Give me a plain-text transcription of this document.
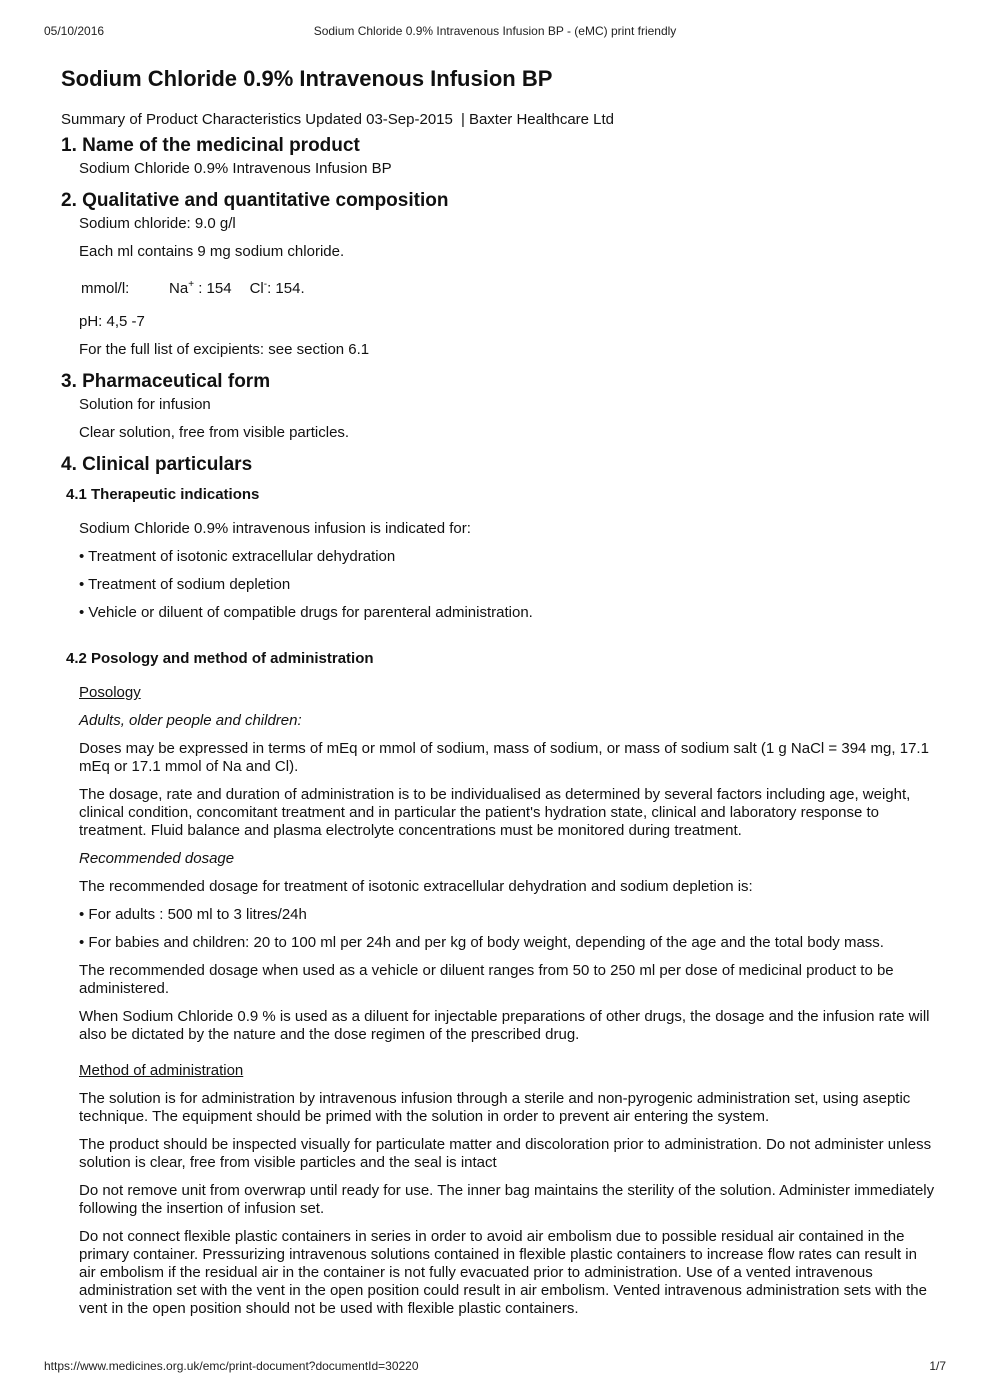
05/10/2016	Sodium Chloride 0.9% Intravenous Infusion BP - (eMC) print friendly
Sodium Chloride 0.9% Intravenous Infusion BP

Summary of Product Characteristics Updated 03-Sep-2015 | Baxter Healthcare Ltd

1. Name of the medicinal product

Sodium Chloride 0.9% Intravenous Infusion BP

2. Qualitative and quantitative composition

Sodium chloride: 9.0 g/l

Each ml contains 9 mg sodium chloride.

mmol/l:	Na+ : 154 Cl-: 154.

pH: 4,5 -7

For the full list of excipients: see section 6.1

3. Pharmaceutical form

Solution for infusion

Clear solution, free from visible particles.

4. Clinical particulars
4.1 Therapeutic indications

Sodium Chloride 0.9% intravenous infusion is indicated for:

• Treatment of isotonic extracellular dehydration

• Treatment of sodium depletion

• Vehicle or diluent of compatible drugs for parenteral administration.

4.2 Posology and method of administration

Posology

Adults, older people and children:

Doses may be expressed in terms of mEq or mmol of sodium, mass of sodium, or mass of sodium salt (1 g NaCl = 394 mg, 17.1 mEq or 17.1 mmol of Na and Cl).

The dosage, rate and duration of administration is to be individualised as determined by several factors including age, weight, clinical condition, concomitant treatment and in particular the patient's hydration state, clinical and laboratory response to treatment. Fluid balance and plasma electrolyte concentrations must be monitored during treatment.

Recommended dosage

The recommended dosage for treatment of isotonic extracellular dehydration and sodium depletion is:

• For adults : 500 ml to 3 litres/24h

• For babies and children: 20 to 100 ml per 24h and per kg of body weight, depending of the age and the total body mass.

The recommended dosage when used as a vehicle or diluent ranges from 50 to 250 ml per dose of medicinal product to be administered.

When Sodium Chloride 0.9 % is used as a diluent for injectable preparations of other drugs, the dosage and the infusion rate will also be dictated by the nature and the dose regimen of the prescribed drug.

Method of administration

The solution is for administration by intravenous infusion through a sterile and non-pyrogenic administration set, using aseptic technique. The equipment should be primed with the solution in order to prevent air entering the system.

The product should be inspected visually for particulate matter and discoloration prior to administration. Do not administer unless solution is clear, free from visible particles and the seal is intact

Do not remove unit from overwrap until ready for use. The inner bag maintains the sterility of the solution. Administer immediately following the insertion of infusion set.

Do not connect flexible plastic containers in series in order to avoid air embolism due to possible residual air contained in the primary container. Pressurizing intravenous solutions contained in flexible plastic containers to increase flow rates can result in air embolism if the residual air in the container is not fully evacuated prior to administration. Use of a vented intravenous administration set with the vent in the open position could result in air embolism. Vented intravenous administration sets with the vent in the open position should not be used with flexible plastic containers.

https://www.medicines.org.uk/emc/print-document?documentId=30220	1/7
